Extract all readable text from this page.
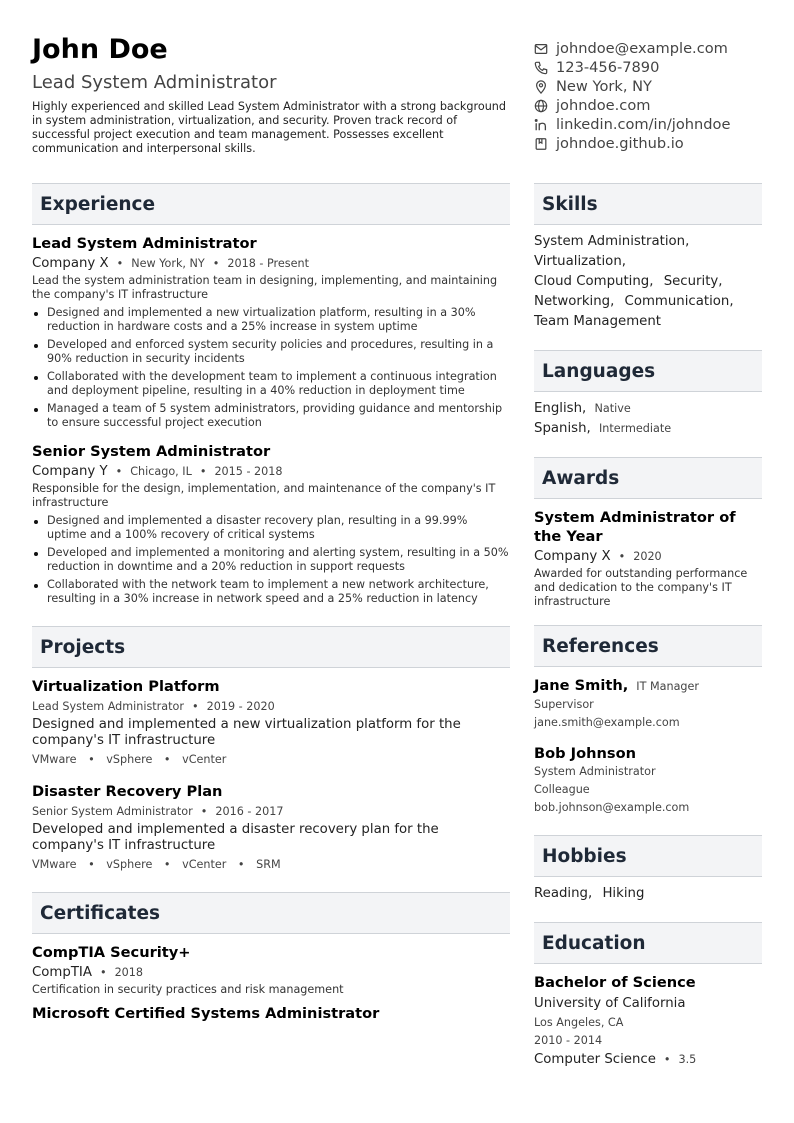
John Doe
Lead System Administrator
Highly experienced and skilled Lead System Administrator with a strong background in system administration, virtualization, and security. Proven track record of successful project execution and team management. Possesses excellent communication and interpersonal skills.
johndoe@example.com
123-456-7890
New York, NY
johndoe.com
linkedin.com/in/johndoe
johndoe.github.io
Experience
Lead System Administrator
Company X • New York, NY • 2018 - Present
Lead the system administration team in designing, implementing, and maintaining the company's IT infrastructure
Designed and implemented a new virtualization platform, resulting in a 30% reduction in hardware costs and a 25% increase in system uptime
Developed and enforced system security policies and procedures, resulting in a 90% reduction in security incidents
Collaborated with the development team to implement a continuous integration and deployment pipeline, resulting in a 40% reduction in deployment time
Managed a team of 5 system administrators, providing guidance and mentorship to ensure successful project execution
Senior System Administrator
Company Y • Chicago, IL • 2015 - 2018
Responsible for the design, implementation, and maintenance of the company's IT infrastructure
Designed and implemented a disaster recovery plan, resulting in a 99.99% uptime and a 100% recovery of critical systems
Developed and implemented a monitoring and alerting system, resulting in a 50% reduction in downtime and a 20% reduction in support requests
Collaborated with the network team to implement a new network architecture, resulting in a 30% increase in network speed and a 25% reduction in latency
Projects
Virtualization Platform
Lead System Administrator • 2019 - 2020
Designed and implemented a new virtualization platform for the company's IT infrastructure
VMware • vSphere • vCenter
Disaster Recovery Plan
Senior System Administrator • 2016 - 2017
Developed and implemented a disaster recovery plan for the company's IT infrastructure
VMware • vSphere • vCenter • SRM
Certificates
CompTIA Security+
CompTIA • 2018
Certification in security practices and risk management
Microsoft Certified Systems Administrator
Skills
System Administration, Virtualization,
Cloud Computing, Security,
Networking, Communication,
Team Management
Languages
English, Native
Spanish, Intermediate
Awards
System Administrator of the Year
Company X • 2020
Awarded for outstanding performance and dedication to the company's IT infrastructure
References
Jane Smith, IT Manager
Supervisor
jane.smith@example.com
Bob Johnson
System Administrator
Colleague
bob.johnson@example.com
Hobbies
Reading, Hiking
Education
Bachelor of Science
University of California
Los Angeles, CA
2010 - 2014
Computer Science • 3.5
